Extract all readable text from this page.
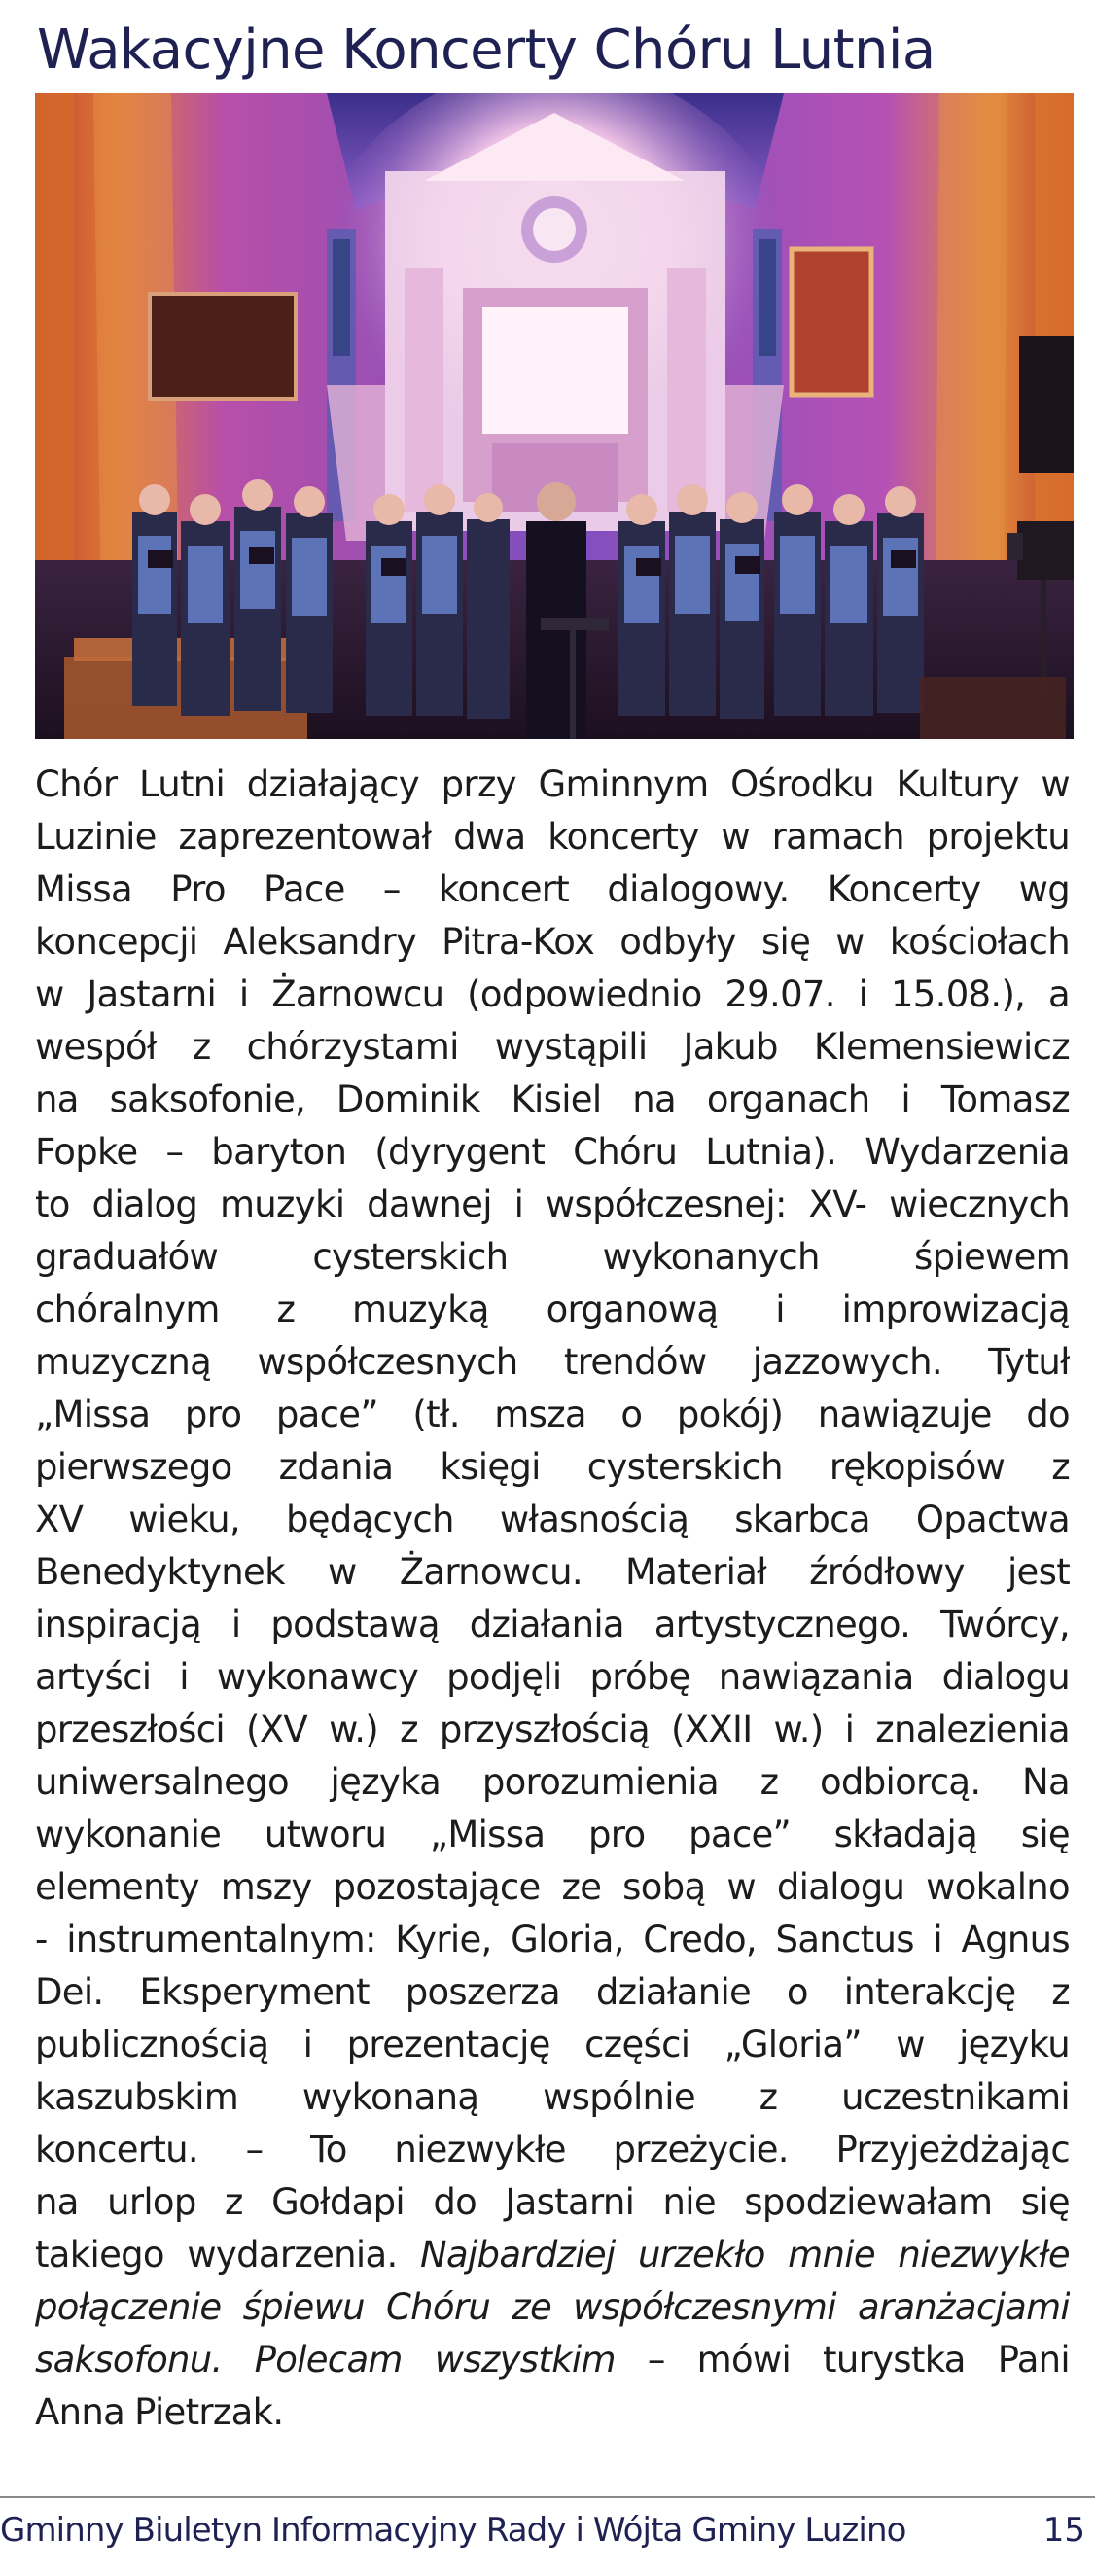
Wakacyjne Koncerty Chóru Lutnia
Chór Lutni działający przy Gminnym Ośrodku Kultury w
Luzinie zaprezentował dwa koncerty w ramach projektu
Missa Pro Pace – koncert dialogowy. Koncerty wg
koncepcji Aleksandry Pitra-Kox odbyły się w kościołach
w Jastarni i Żarnowcu (odpowiednio 29.07. i 15.08.), a
wespół z chórzystami wystąpili Jakub Klemensiewicz
na saksofonie, Dominik Kisiel na organach i Tomasz
Fopke – baryton (dyrygent Chóru Lutnia). Wydarzenia
to dialog muzyki dawnej i współczesnej: XV- wiecznych
graduałów cysterskich wykonanych śpiewem
chóralnym z muzyką organową i improwizacją
muzyczną współczesnych trendów jazzowych. Tytuł
„Missa pro pace” (tł. msza o pokój) nawiązuje do
pierwszego zdania księgi cysterskich rękopisów z
XV wieku, będących własnością skarbca Opactwa
Benedyktynek w Żarnowcu. Materiał źródłowy jest
inspiracją i podstawą działania artystycznego. Twórcy,
artyści i wykonawcy podjęli próbę nawiązania dialogu
przeszłości (XV w.) z przyszłością (XXII w.) i znalezienia
uniwersalnego języka porozumienia z odbiorcą. Na
wykonanie utworu „Missa pro pace” składają się
elementy mszy pozostające ze sobą w dialogu wokalno
- instrumentalnym: Kyrie, Gloria, Credo, Sanctus i Agnus
Dei. Eksperyment poszerza działanie o interakcję z
publicznością i prezentację części „Gloria” w języku
kaszubskim wykonaną wspólnie z uczestnikami
koncertu. – To niezwykłe przeżycie. Przyjeżdżając
na urlop z Gołdapi do Jastarni nie spodziewałam się
takiego wydarzenia. Najbardziej urzekło mnie niezwykłe
połączenie śpiewu Chóru ze współczesnymi aranżacjami
saksofonu. Polecam wszystkim – mówi turystka Pani
Anna Pietrzak.
Gminny Biuletyn Informacyjny Rady i Wójta Gminy Luzino	15
